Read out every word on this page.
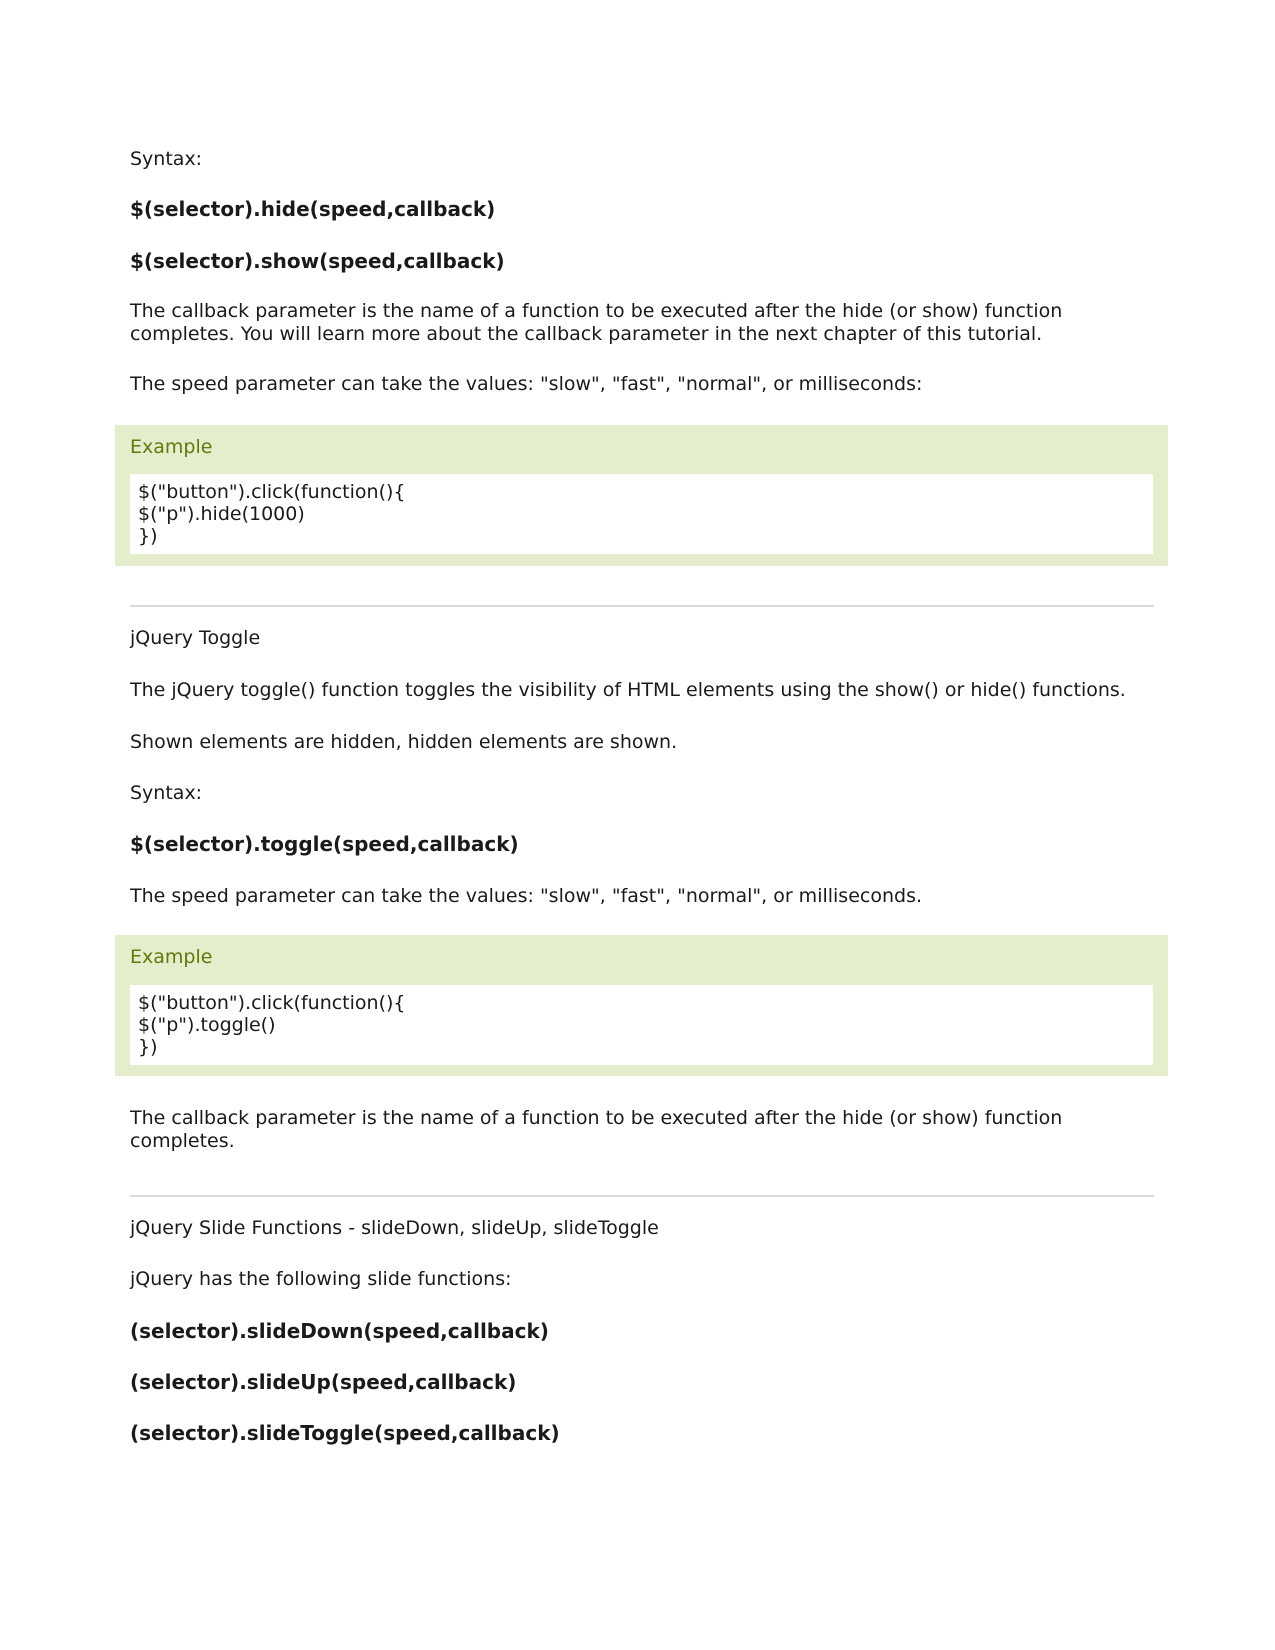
Syntax:

$(selector).hide(speed,callback)

$(selector).show(speed,callback)

The callback parameter is the name of a function to be executed after the hide (or show) function

completes. You will learn more about the callback parameter in the next chapter of this tutorial.

The speed parameter can take the values: "slow", "fast", "normal", or milliseconds:

Example
$("button").click(function(){
$("p").hide(1000)
})

jQuery Toggle

The jQuery toggle() function toggles the visibility of HTML elements using the show() or hide() functions.

Shown elements are hidden, hidden elements are shown.

Syntax:

$(selector).toggle(speed,callback)

The speed parameter can take the values: "slow", "fast", "normal", or milliseconds.

Example
$("button").click(function(){
$("p").toggle()
})

The callback parameter is the name of a function to be executed after the hide (or show) function

completes.

jQuery Slide Functions - slideDown, slideUp, slideToggle

jQuery has the following slide functions:

(selector).slideDown(speed,callback)

(selector).slideUp(speed,callback)

(selector).slideToggle(speed,callback)
